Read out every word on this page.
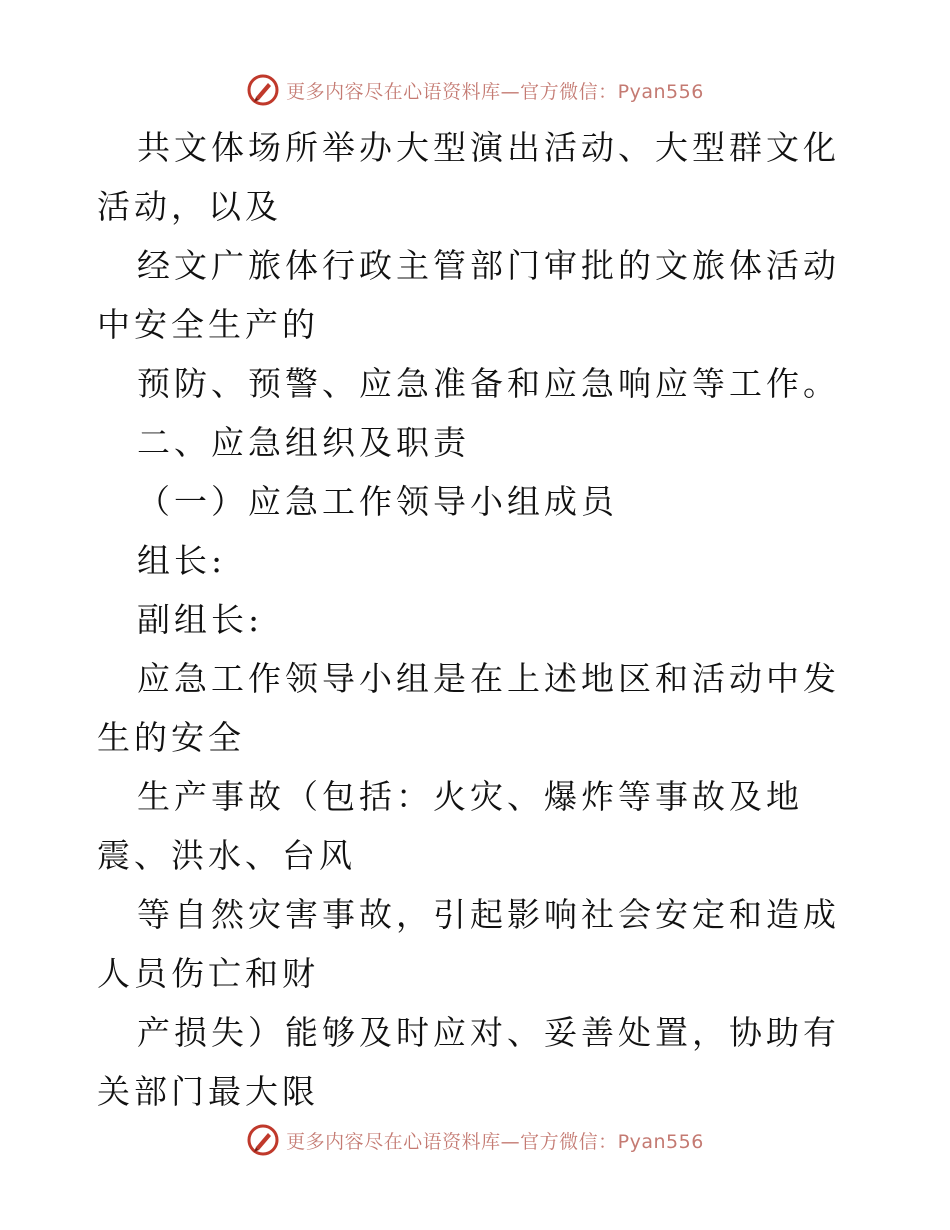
更多内容尽在心语资料库—官方微信：Pyan556

共文体场所举办大型演出活动、大型群文化活动，以及

经文广旅体行政主管部门审批的文旅体活动中安全生产的

预防、预警、应急准备和应急响应等工作。

二、应急组织及职责

（一）应急工作领导小组成员

组长:

副组长:

应急工作领导小组是在上述地区和活动中发生的安全

生产事故（包括：火灾、爆炸等事故及地震、洪水、台风

等自然灾害事故，引起影响社会安定和造成人员伤亡和财

产损失）能够及时应对、妥善处置，协助有关部门最大限

更多内容尽在心语资料库—官方微信：Pyan556
